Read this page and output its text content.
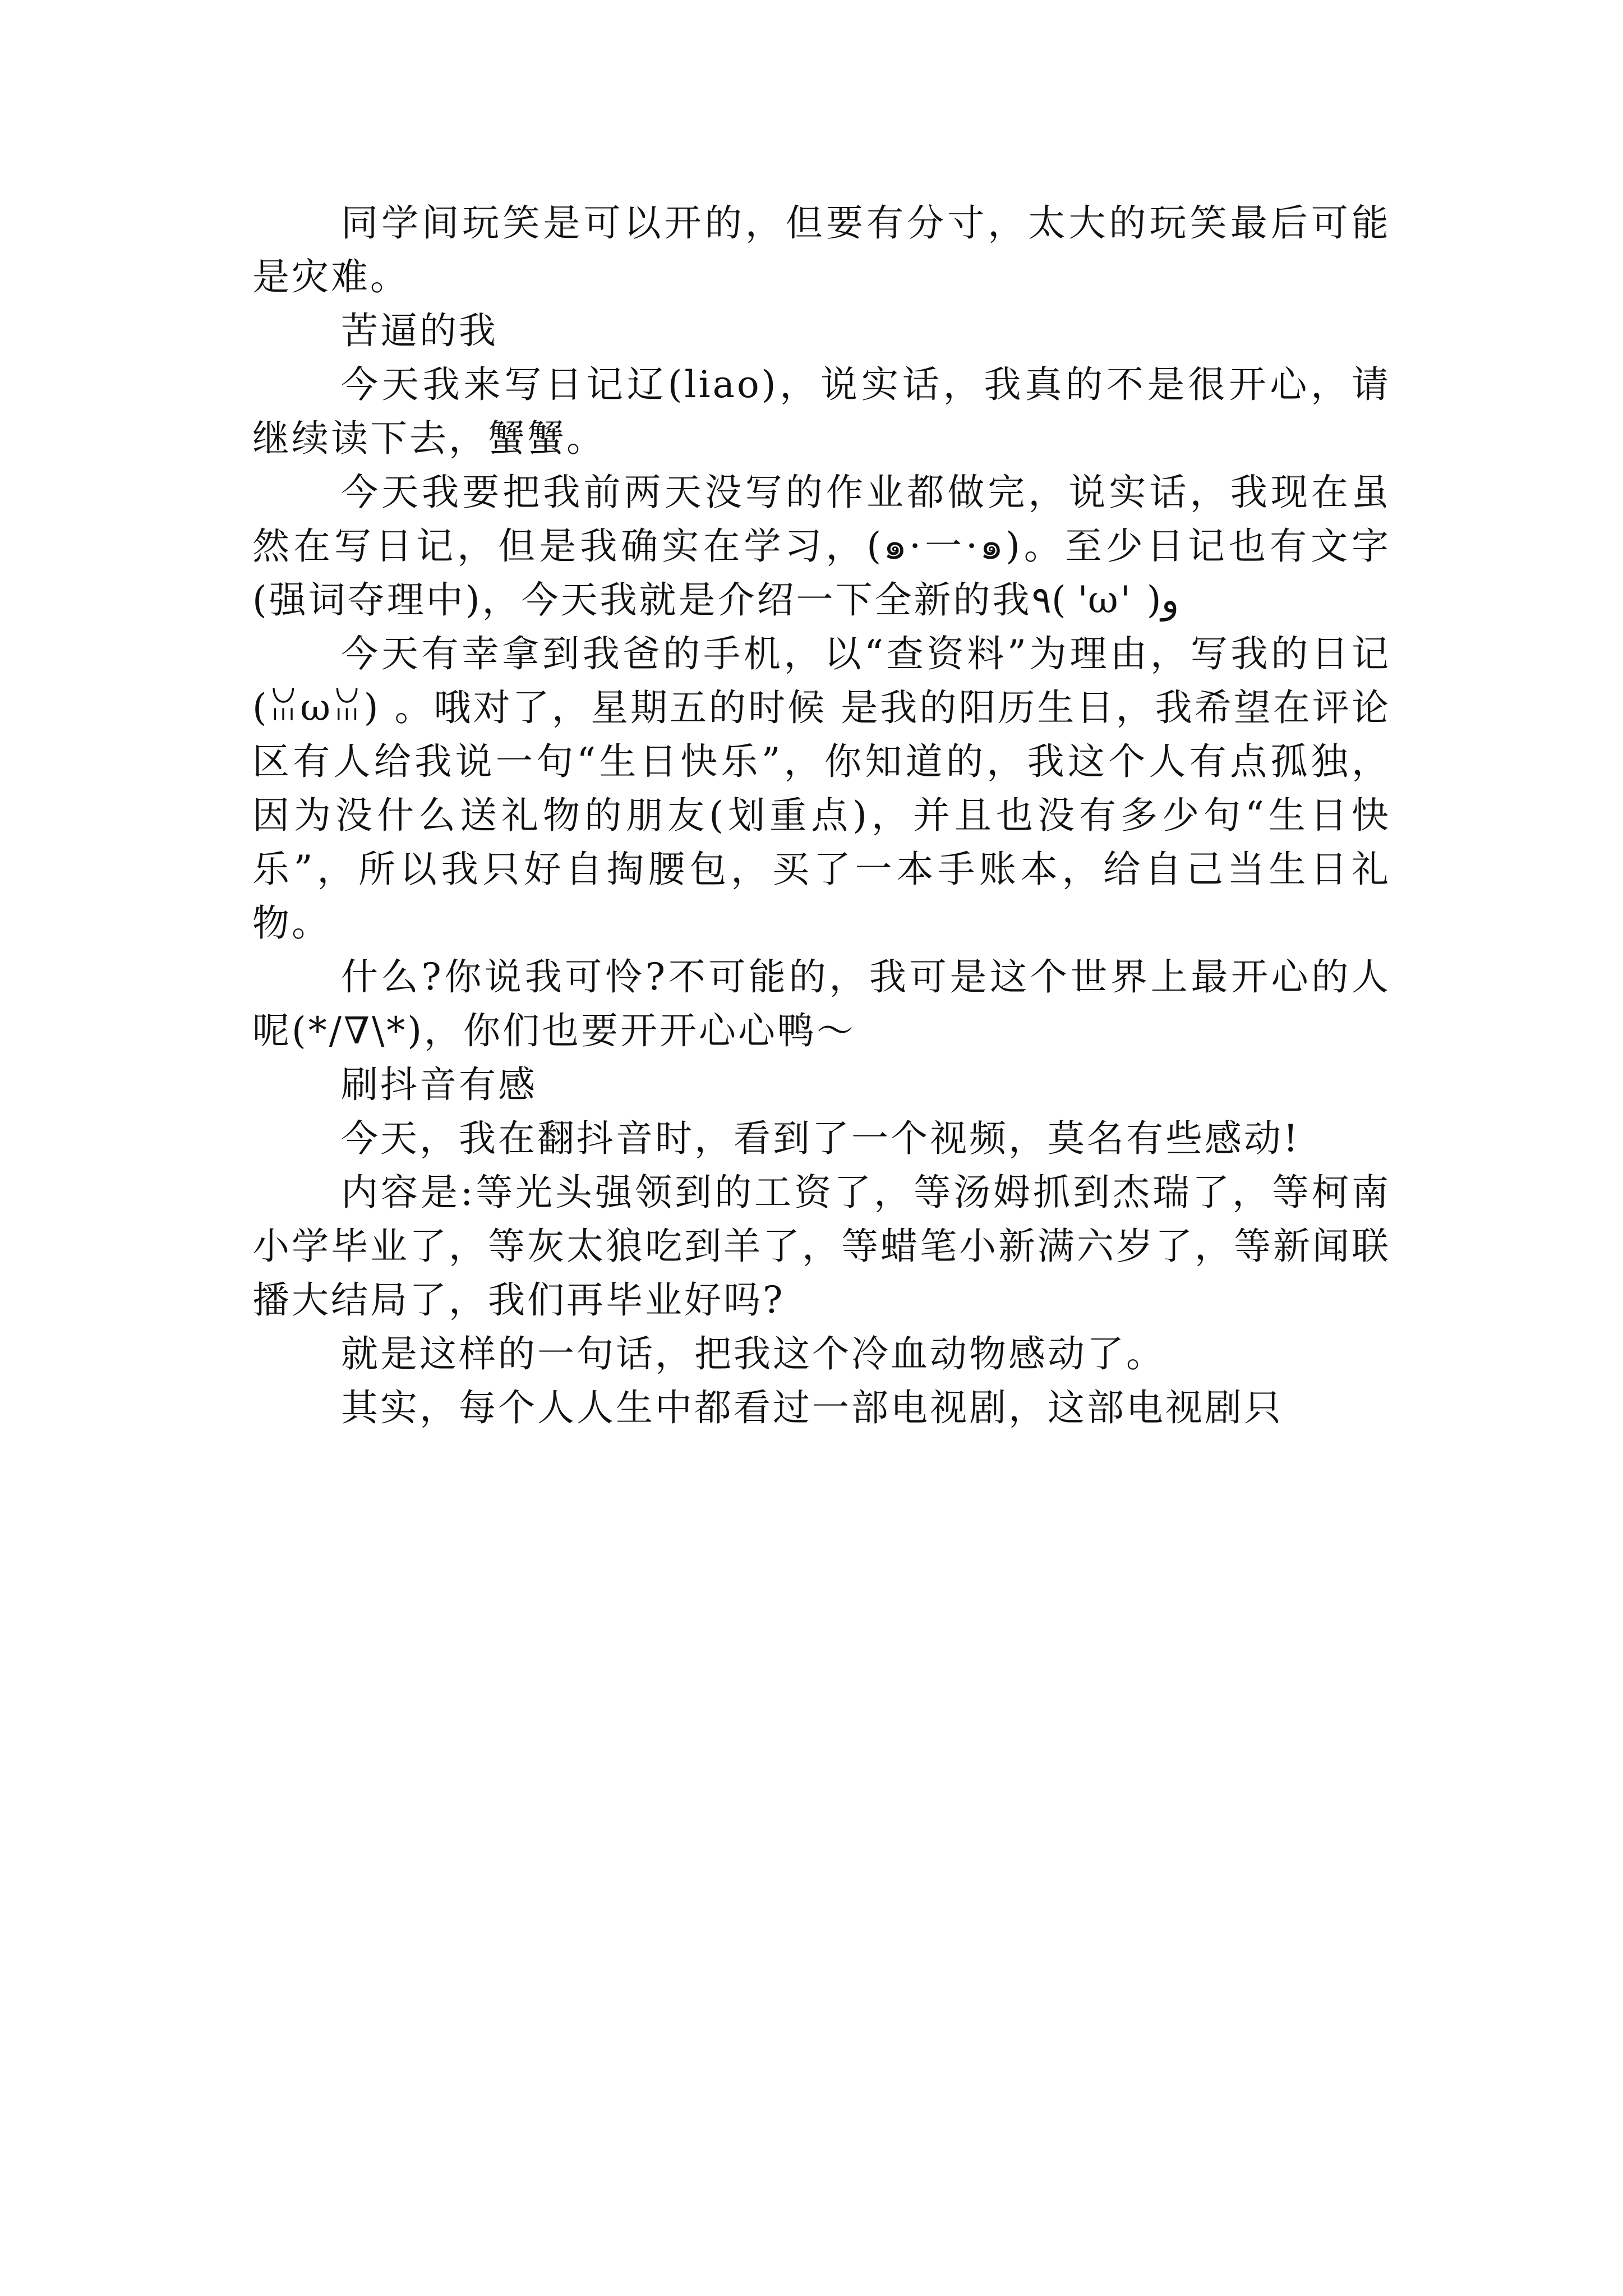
同学间玩笑是可以开的，但要有分寸，太大的玩笑最后可能是灾难。

苦逼的我

今天我来写日记辽(liao)，说实话，我真的不是很开心，请继续读下去，蟹蟹。

今天我要把我前两天没写的作业都做完，说实话，我现在虽然在写日记，但是我确实在学习，(๑·一·๑)。至少日记也有文字(强词夺理中)，今天我就是介绍一下全新的我٩( 'ω' )و

今天有幸拿到我爸的手机，以“查资料”为理由，写我的日记(ꈍωꈍ) 。哦对了，星期五的时候 是我的阳历生日，我希望在评论区有人给我说一句“生日快乐”，你知道的，我这个人有点孤独，因为没什么送礼物的朋友(划重点)，并且也没有多少句“生日快乐”，所以我只好自掏腰包，买了一本手账本，给自己当生日礼物。

什么?你说我可怜?不可能的，我可是这个世界上最开心的人呢(*/∇\*)，你们也要开开心心鸭～

刷抖音有感

今天，我在翻抖音时，看到了一个视频，莫名有些感动!

内容是:等光头强领到的工资了，等汤姆抓到杰瑞了，等柯南小学毕业了，等灰太狼吃到羊了，等蜡笔小新满六岁了，等新闻联播大结局了，我们再毕业好吗?

就是这样的一句话，把我这个冷血动物感动了。

其实，每个人人生中都看过一部电视剧，这部电视剧只
